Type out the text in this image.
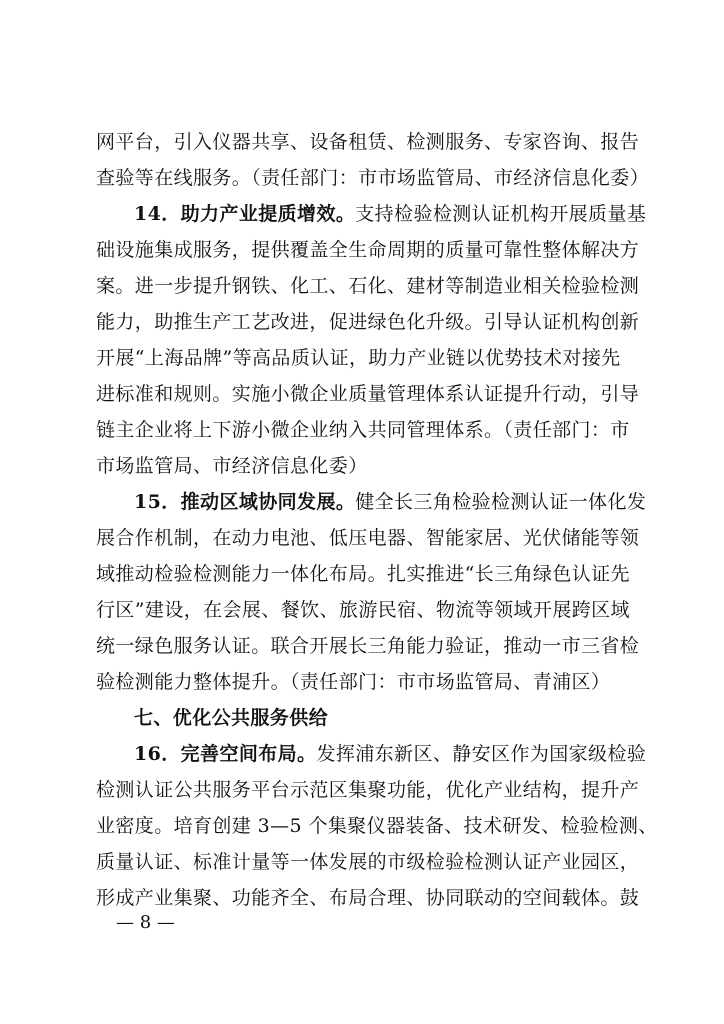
网平台，引入仪器共享、设备租赁、检测服务、专家咨询、报告
查验等在线服务。（责任部门：市市场监管局、市经济信息化委）
14．助力产业提质增效。支持检验检测认证机构开展质量基
础设施集成服务，提供覆盖全生命周期的质量可靠性整体解决方
案。进一步提升钢铁、化工、石化、建材等制造业相关检验检测
能力，助推生产工艺改进，促进绿色化升级。引导认证机构创新
开展“上海品牌”等高品质认证，助力产业链以优势技术对接先
进标准和规则。实施小微企业质量管理体系认证提升行动，引导
链主企业将上下游小微企业纳入共同管理体系。（责任部门：市
市场监管局、市经济信息化委）
15．推动区域协同发展。健全长三角检验检测认证一体化发
展合作机制，在动力电池、低压电器、智能家居、光伏储能等领
域推动检验检测能力一体化布局。扎实推进“长三角绿色认证先
行区”建设，在会展、餐饮、旅游民宿、物流等领域开展跨区域
统一绿色服务认证。联合开展长三角能力验证，推动一市三省检
验检测能力整体提升。（责任部门：市市场监管局、青浦区）
七、优化公共服务供给
16．完善空间布局。发挥浦东新区、静安区作为国家级检验
检测认证公共服务平台示范区集聚功能，优化产业结构，提升产
业密度。培育创建 3—5 个集聚仪器装备、技术研发、检验检测、
质量认证、标准计量等一体发展的市级检验检测认证产业园区，
形成产业集聚、功能齐全、布局合理、协同联动的空间载体。鼓
— 8 —
